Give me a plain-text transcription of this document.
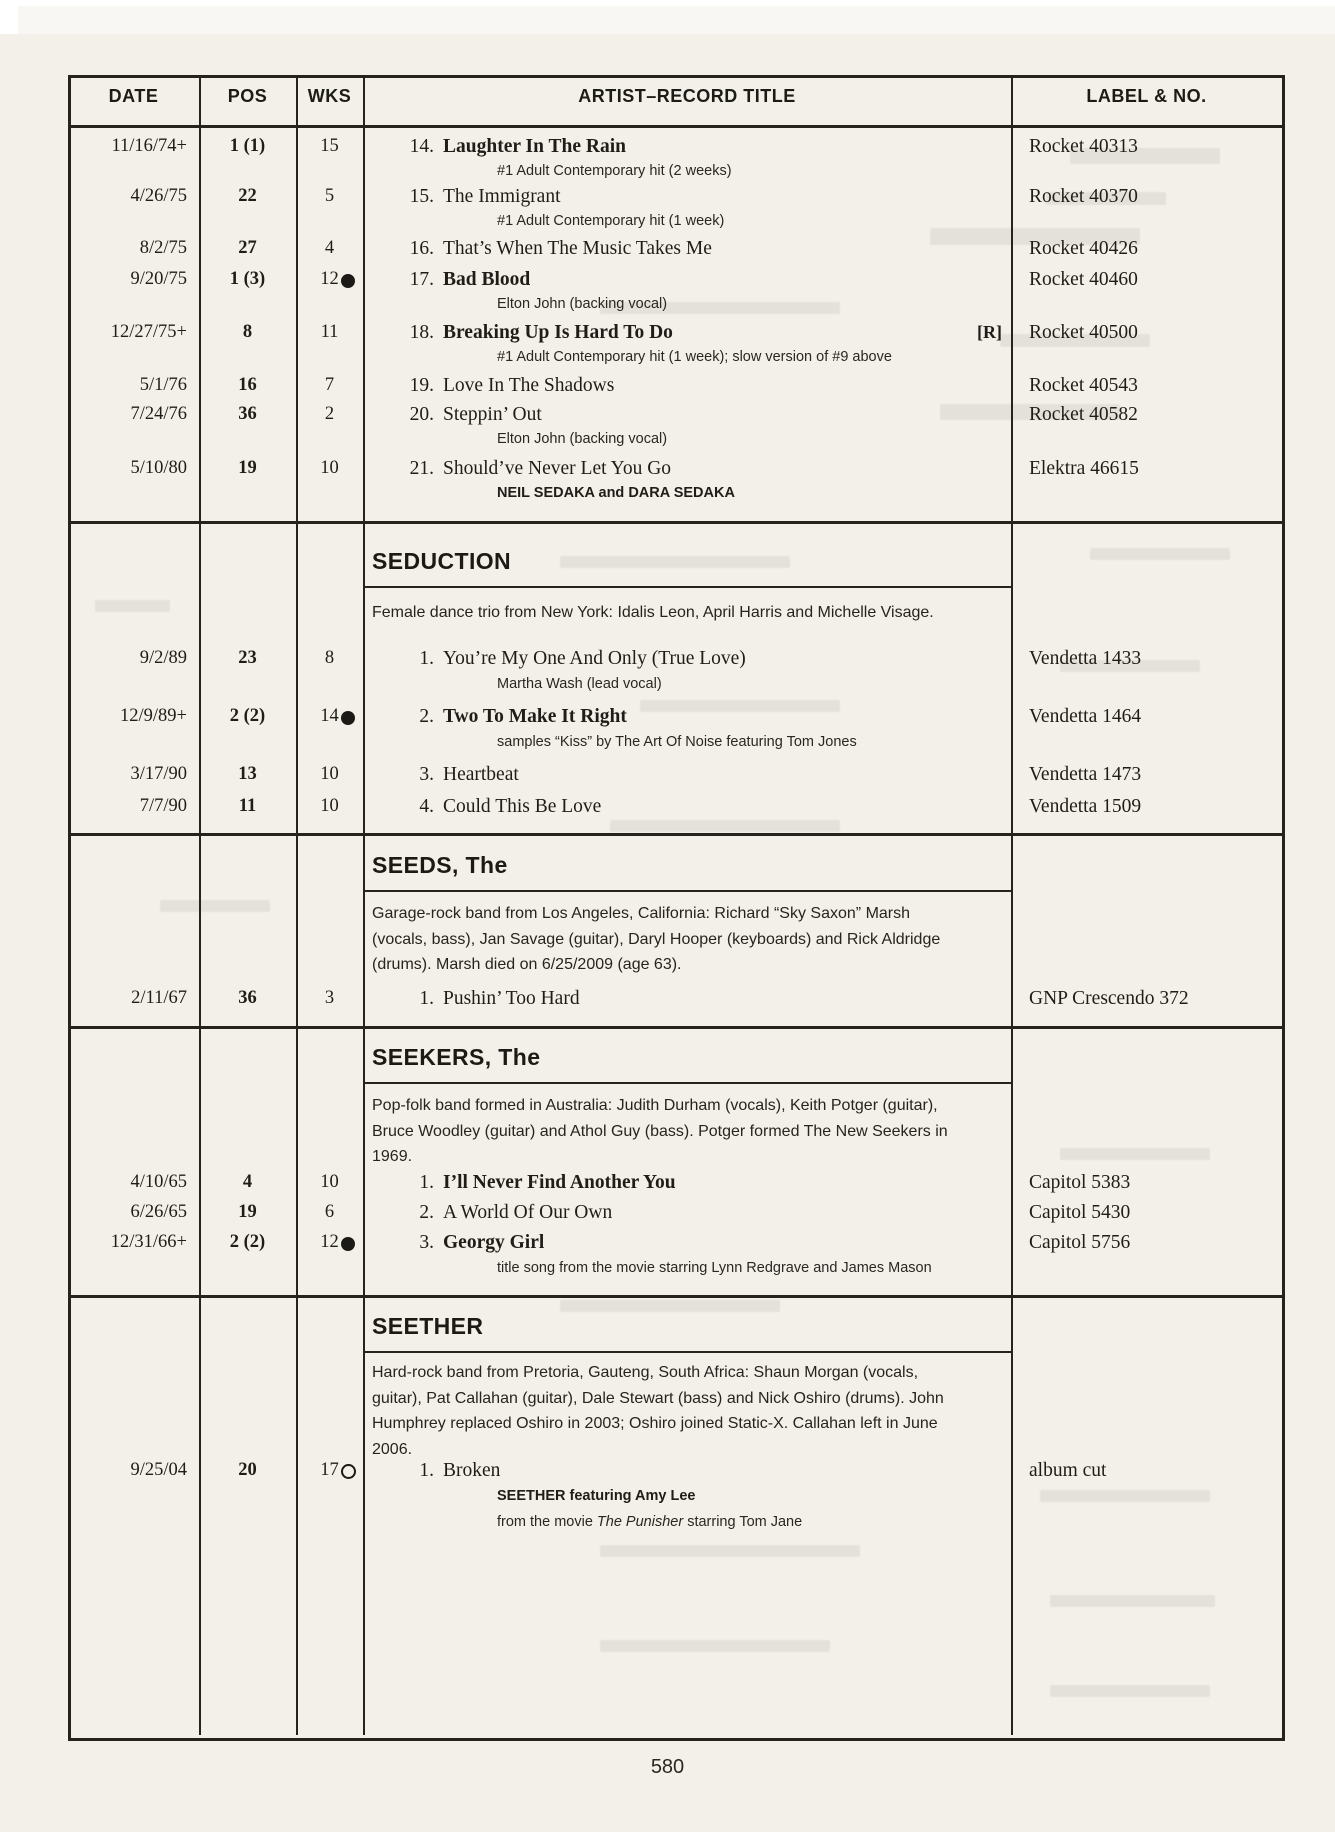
DATE	POS	WKS	ARTIST–RECORD TITLE	LABEL & NO.
11/16/74+	1 (1)	15	14. Laughter In The Rain	Rocket 40313
#1 Adult Contemporary hit (2 weeks)
4/26/75	22	5	15. The Immigrant	Rocket 40370
#1 Adult Contemporary hit (1 week)
8/2/75	27	4	16. That’s When The Music Takes Me	Rocket 40426
9/20/75	1 (3)	12	17. Bad Blood	Rocket 40460
Elton John (backing vocal)
12/27/75+	8	11	18. Breaking Up Is Hard To Do	[R] Rocket 40500
#1 Adult Contemporary hit (1 week); slow version of #9 above
5/1/76	16	7	19. Love In The Shadows	Rocket 40543
7/24/76	36	2	20. Steppin’ Out	Rocket 40582
Elton John (backing vocal)
5/10/80	19	10	21. Should’ve Never Let You Go	Elektra 46615
NEIL SEDAKA and DARA SEDAKA
SEDUCTION
Female dance trio from New York: Idalis Leon, April Harris and Michelle Visage.
9/2/89	23	8	1. You’re My One And Only (True Love)	Vendetta 1433
Martha Wash (lead vocal)
12/9/89+	2 (2)	14	2. Two To Make It Right	Vendetta 1464
samples “Kiss” by The Art Of Noise featuring Tom Jones
3/17/90	13	10	3. Heartbeat	Vendetta 1473
7/7/90	11	10	4. Could This Be Love	Vendetta 1509
SEEDS, The
Garage-rock band from Los Angeles, California: Richard “Sky Saxon” Marsh (vocals, bass), Jan Savage (guitar), Daryl Hooper (keyboards) and Rick Aldridge (drums). Marsh died on 6/25/2009 (age 63).
2/11/67	36	3	1. Pushin’ Too Hard	GNP Crescendo 372
SEEKERS, The
Pop-folk band formed in Australia: Judith Durham (vocals), Keith Potger (guitar), Bruce Woodley (guitar) and Athol Guy (bass). Potger formed The New Seekers in 1969.
4/10/65	4	10	1. I’ll Never Find Another You	Capitol 5383
6/26/65	19	6	2. A World Of Our Own	Capitol 5430
12/31/66+	2 (2)	12	3. Georgy Girl	Capitol 5756
title song from the movie starring Lynn Redgrave and James Mason
SEETHER
Hard-rock band from Pretoria, Gauteng, South Africa: Shaun Morgan (vocals, guitar), Pat Callahan (guitar), Dale Stewart (bass) and Nick Oshiro (drums). John Humphrey replaced Oshiro in 2003; Oshiro joined Static-X. Callahan left in June 2006.
9/25/04	20	17	1. Broken	album cut
SEETHER featuring Amy Lee
from the movie The Punisher starring Tom Jane
580
